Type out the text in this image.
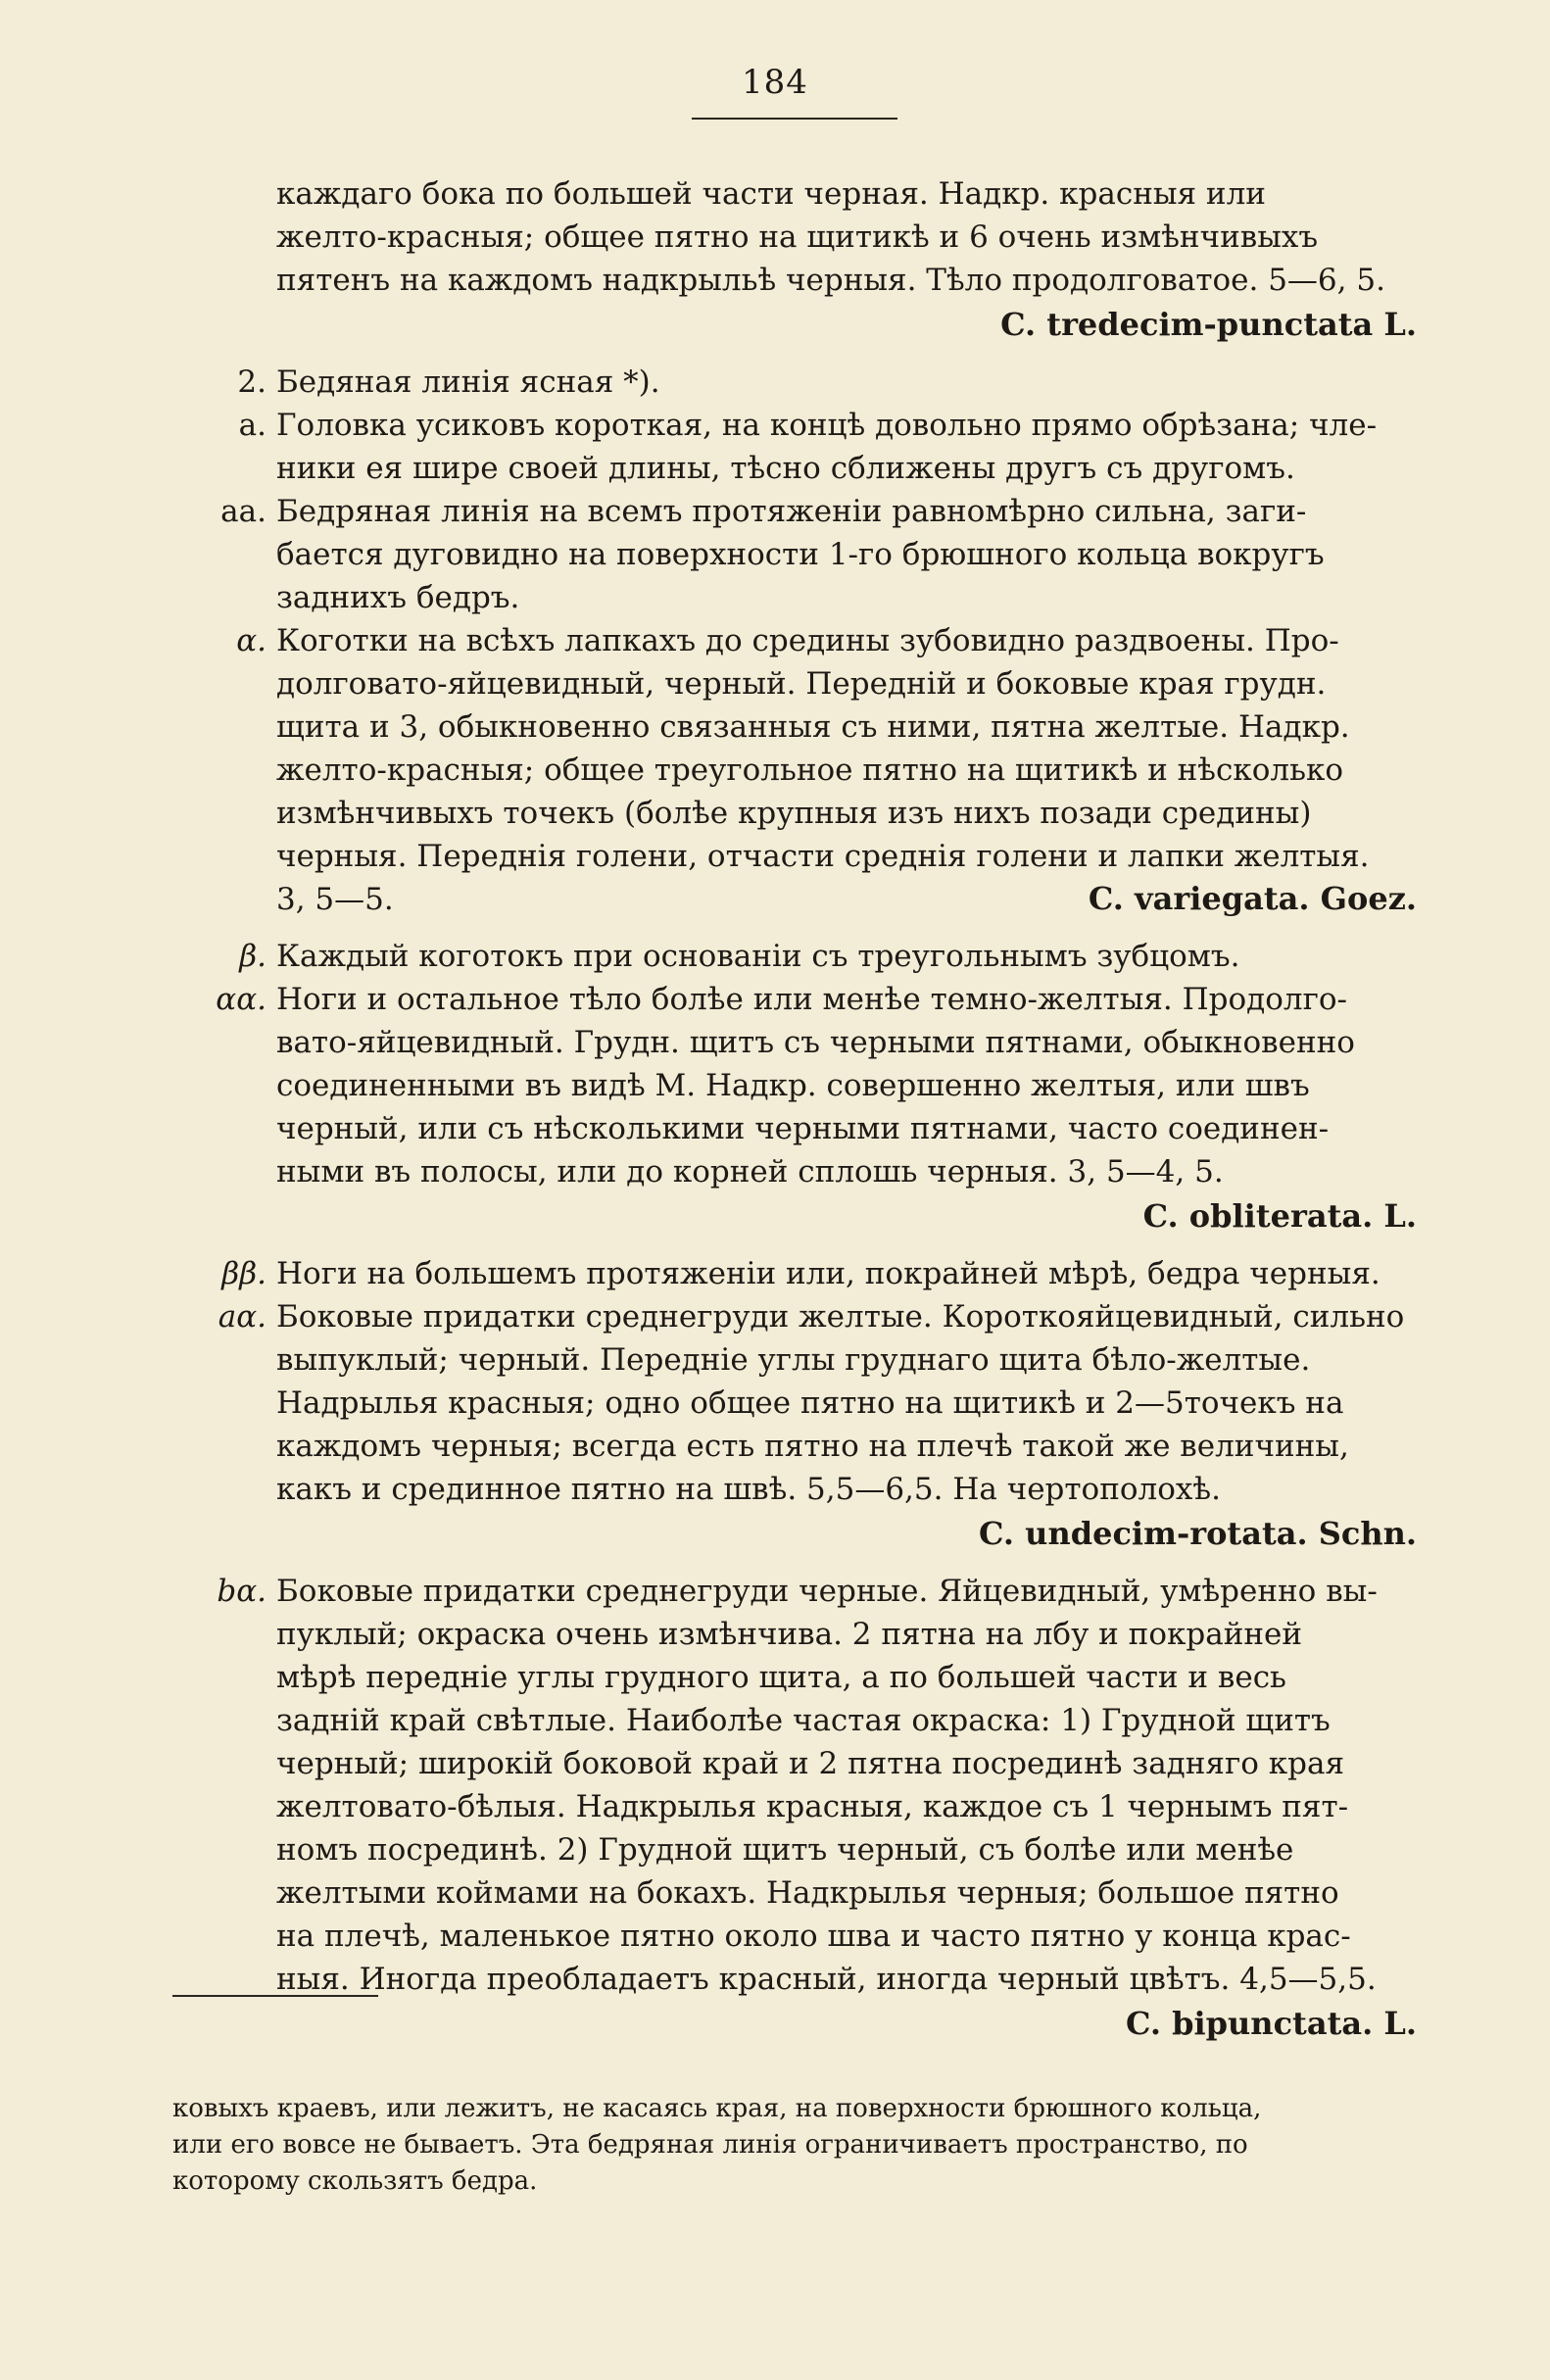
184
каждаго бока по большей части черная. Надкр. красныя или
желто-красныя; общее пятно на щитикѣ и 6 очень измѣнчивыхъ
пятенъ на каждомъ надкрыльѣ черныя. Тѣло продолговатое. 5—6, 5.
C. tredecim-punctata L.
2. Бедяная линія ясная *).
a. Головка усиковъ короткая, на концѣ довольно прямо обрѣзана; чле-
ники ея шире своей длины, тѣсно сближены другъ съ другомъ.
aa. Бедряная линія на всемъ протяженіи равномѣрно сильна, заги-
бается дуговидно на поверхности 1-го брюшного кольца вокругъ
заднихъ бедръ.
α. Коготки на всѣхъ лапкахъ до средины зубовидно раздвоены. Про-
долговато-яйцевидный, черный. Передній и боковые края грудн.
щита и 3, обыкновенно связанныя съ ними, пятна желтые. Надкр.
желто-красныя; общее треугольное пятно на щитикѣ и нѣсколько
измѣнчивыхъ точекъ (болѣе крупныя изъ нихъ позади средины)
черныя. Переднія голени, отчасти среднія голени и лапки желтыя.
3, 5—5.	C. variegata. Goez.
β. Каждый коготокъ при основаніи съ треугольнымъ зубцомъ.
αα. Ноги и остальное тѣло болѣе или менѣе темно-желтыя. Продолго-
вато-яйцевидный. Грудн. щитъ съ черными пятнами, обыкновенно
соединенными въ видѣ M. Надкр. совершенно желтыя, или швъ
черный, или съ нѣсколькими черными пятнами, часто соединен-
ными въ полосы, или до корней сплошь черныя. 3, 5—4, 5.
C. obliterata. L.
ββ. Ноги на большемъ протяженіи или, покрайней мѣрѣ, бедра черныя.
aα. Боковые придатки среднегруди желтые. Короткояйцевидный, сильно
выпуклый; черный. Передніе углы груднаго щита бѣло-желтые.
Надрылья красныя; одно общее пятно на щитикѣ и 2—5точекъ на
каждомъ черныя; всегда есть пятно на плечѣ такой же величины,
какъ и срединное пятно на швѣ. 5,5—6,5. На чертополохѣ.
C. undecim-rotata. Schn.
bα. Боковые придатки среднегруди черные. Яйцевидный, умѣренно вы-
пуклый; окраска очень измѣнчива. 2 пятна на лбу и покрайней
мѣрѣ передніе углы грудного щита, а по большей части и весь
задній край свѣтлые. Наиболѣе частая окраска: 1) Грудной щитъ
черный; широкій боковой край и 2 пятна посрединѣ задняго края
желтовато-бѣлыя. Надкрылья красныя, каждое съ 1 чернымъ пят-
номъ посрединѣ. 2) Грудной щитъ черный, съ болѣе или менѣе
желтыми коймами на бокахъ. Надкрылья черныя; большое пятно
на плечѣ, маленькое пятно около шва и часто пятно у конца крас-
ныя. Иногда преобладаетъ красный, иногда черный цвѣтъ. 4,5—5,5.
C. bipunctata. L.
ковыхъ краевъ, или лежитъ, не касаясь края, на поверхности брюшного кольца,
или его вовсе не бываетъ. Эта бедряная линія ограничиваетъ пространство, по
которому скользятъ бедра.
